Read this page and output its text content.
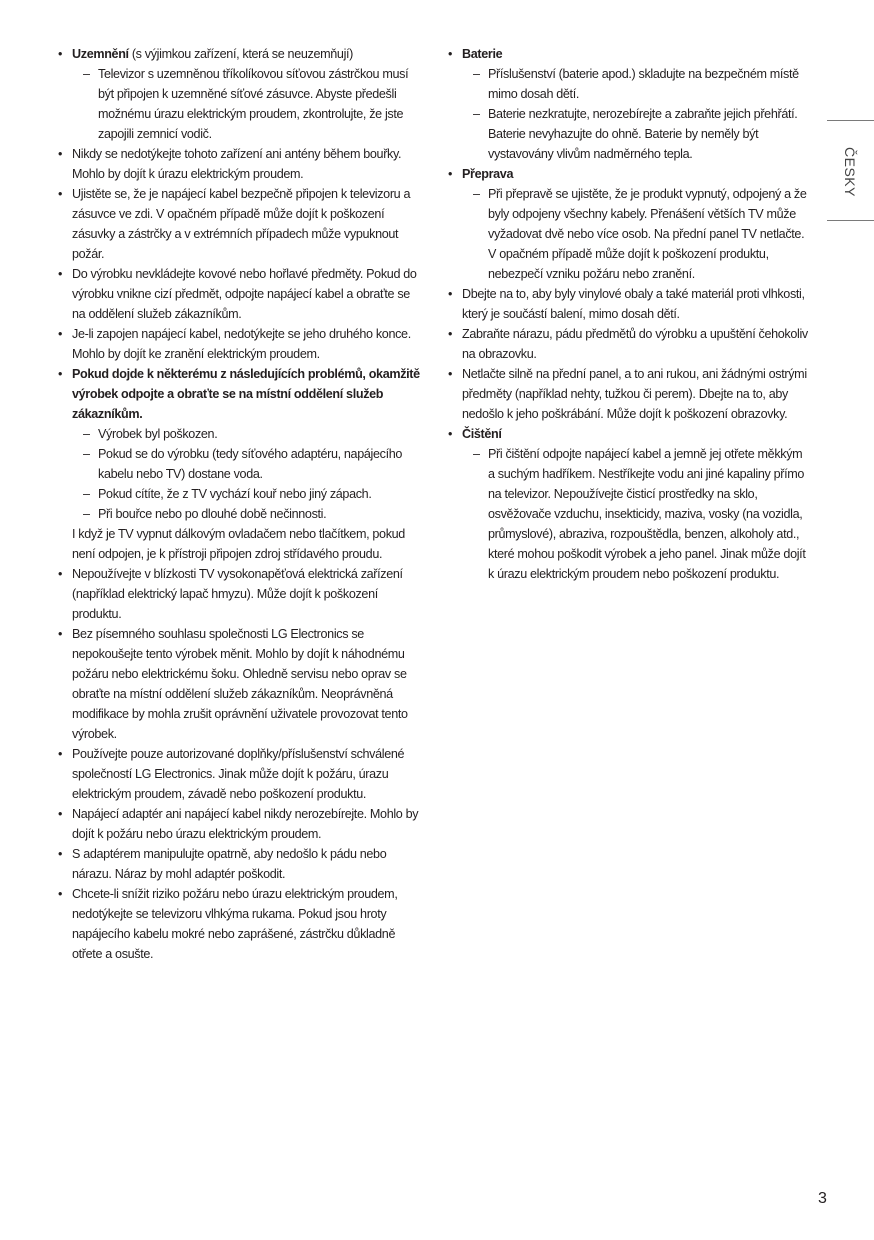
ČESKY
• Uzemnění (s výjimkou zařízení, která se neuzemňují)
– Televizor s uzemněnou tříkolíkovou síťovou zástrčkou musí být připojen k uzemněné síťové zásuvce. Abyste předešli možnému úrazu elektrickým proudem, zkontrolujte, že jste zapojili zemnicí vodič.
• Nikdy se nedotýkejte tohoto zařízení ani antény během bouřky. Mohlo by dojít k úrazu elektrickým proudem.
• Ujistěte se, že je napájecí kabel bezpečně připojen k televizoru a zásuvce ve zdi. V opačném případě může dojít k poškození zásuvky a zástrčky a v extrémních případech může vypuknout požár.
• Do výrobku nevkládejte kovové nebo hořlavé předměty. Pokud do výrobku vnikne cizí předmět, odpojte napájecí kabel a obraťte se na oddělení služeb zákazníkům.
• Je-li zapojen napájecí kabel, nedotýkejte se jeho druhého konce. Mohlo by dojít ke zranění elektrickým proudem.
• Pokud dojde k některému z následujících problémů, okamžitě výrobek odpojte a obraťte se na místní oddělení služeb zákazníkům.
– Výrobek byl poškozen.
– Pokud se do výrobku (tedy síťového adaptéru, napájecího kabelu nebo TV) dostane voda.
– Pokud cítíte, že z TV vychází kouř nebo jiný zápach.
– Při bouřce nebo po dlouhé době nečinnosti.
I když je TV vypnut dálkovým ovladačem nebo tlačítkem, pokud není odpojen, je k přístroji připojen zdroj střídavého proudu.
• Nepoužívejte v blízkosti TV vysokonapěťová elektrická zařízení (například elektrický lapač hmyzu). Může dojít k poškození produktu.
• Bez písemného souhlasu společnosti LG Electronics se nepokoušejte tento výrobek měnit. Mohlo by dojít k náhodnému požáru nebo elektrickému šoku. Ohledně servisu nebo oprav se obraťte na místní oddělení služeb zákazníkům. Neoprávněná modifikace by mohla zrušit oprávnění uživatele provozovat tento výrobek.
• Používejte pouze autorizované doplňky/příslušenství schválené společností LG Electronics. Jinak může dojít k požáru, úrazu elektrickým proudem, závadě nebo poškození produktu.
• Napájecí adaptér ani napájecí kabel nikdy nerozebírejte. Mohlo by dojít k požáru nebo úrazu elektrickým proudem.
• S adaptérem manipulujte opatrně, aby nedošlo k pádu nebo nárazu. Náraz by mohl adaptér poškodit.
• Chcete-li snížit riziko požáru nebo úrazu elektrickým proudem, nedotýkejte se televizoru vlhkýma rukama. Pokud jsou hroty napájecího kabelu mokré nebo zaprášené, zástrčku důkladně otřete a osušte.
• Baterie
– Příslušenství (baterie apod.) skladujte na bezpečném místě mimo dosah dětí.
– Baterie nezkratujte, nerozebírejte a zabraňte jejich přehřátí. Baterie nevyhazujte do ohně. Baterie by neměly být vystavovány vlivům nadměrného tepla.
• Přeprava
– Při přepravě se ujistěte, že je produkt vypnutý, odpojený a že byly odpojeny všechny kabely. Přenášení větších TV může vyžadovat dvě nebo více osob. Na přední panel TV netlačte. V opačném případě může dojít k poškození produktu, nebezpečí vzniku požáru nebo zranění.
• Dbejte na to, aby byly vinylové obaly a také materiál proti vlhkosti, který je součástí balení, mimo dosah dětí.
• Zabraňte nárazu, pádu předmětů do výrobku a upuštění čehokoliv na obrazovku.
• Netlačte silně na přední panel, a to ani rukou, ani žádnými ostrými předměty (například nehty, tužkou či perem). Dbejte na to, aby nedošlo k jeho poškrábání. Může dojít k poškození obrazovky.
• Čištění
– Při čištění odpojte napájecí kabel a jemně jej otřete měkkým a suchým hadříkem. Nestříkejte vodu ani jiné kapaliny přímo na televizor. Nepoužívejte čisticí prostředky na sklo, osvěžovače vzduchu, insekticidy, maziva, vosky (na vozidla, průmyslové), abraziva, rozpouštědla, benzen, alkoholy atd., které mohou poškodit výrobek a jeho panel. Jinak může dojít k úrazu elektrickým proudem nebo poškození produktu.
3
